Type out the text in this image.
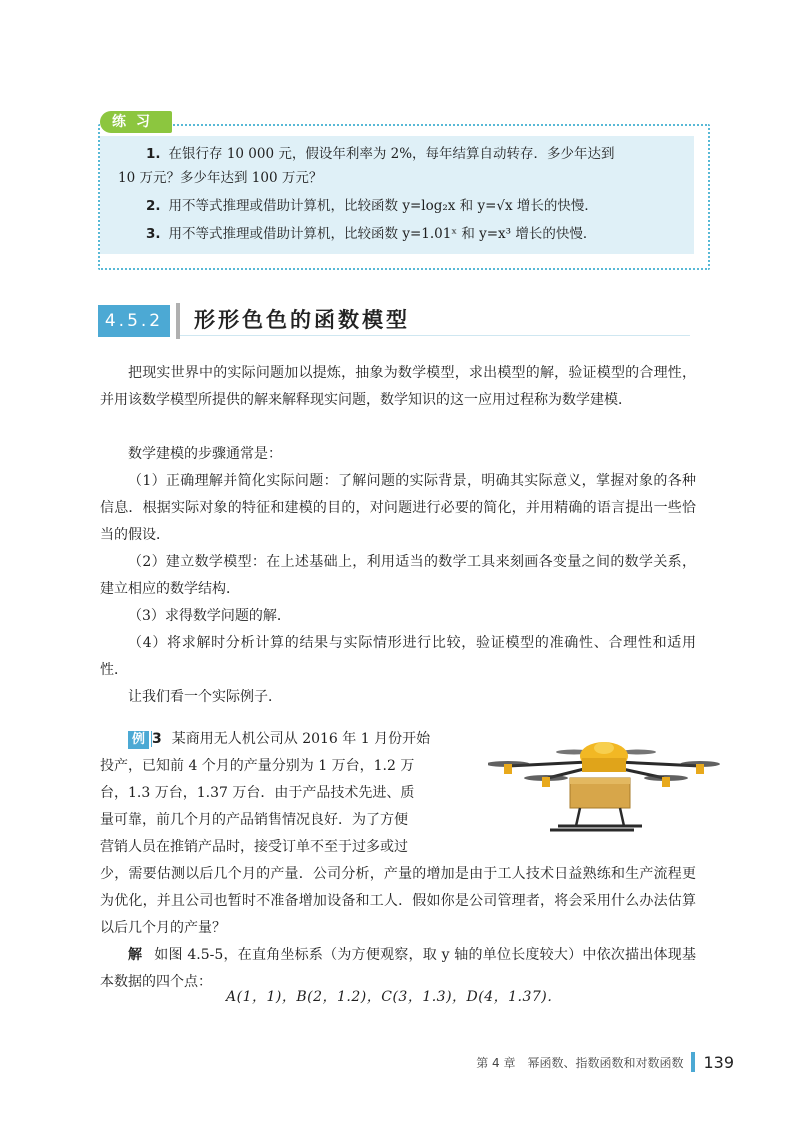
练习
1. 在银行存 10 000 元，假设年利率为 2%，每年结算自动转存．多少年达到
10 万元？多少年达到 100 万元？
2. 用不等式推理或借助计算机，比较函数 y=log₂x 和 y=√x 增长的快慢．
3. 用不等式推理或借助计算机，比较函数 y=1.01ˣ 和 y=x³ 增长的快慢．
4.5.2	形形色色的函数模型
把现实世界中的实际问题加以提炼，抽象为数学模型，求出模型的解，验证模型的合理性，并用该数学模型所提供的解来解释现实问题，数学知识的这一应用过程称为数学建模．
数学建模的步骤通常是：
（1）正确理解并简化实际问题：了解问题的实际背景，明确其实际意义，掌握对象的各种信息．根据实际对象的特征和建模的目的，对问题进行必要的简化，并用精确的语言提出一些恰当的假设．
（2）建立数学模型：在上述基础上，利用适当的数学工具来刻画各变量之间的数学关系，建立相应的数学结构．
（3）求得数学问题的解．
（4）将求解时分析计算的结果与实际情形进行比较，验证模型的准确性、合理性和适用性．
让我们看一个实际例子．
例 3 某商用无人机公司从 2016 年 1 月份开始
投产，已知前 4 个月的产量分别为 1 万台，1.2 万
台，1.3 万台，1.37 万台．由于产品技术先进、质
量可靠，前几个月的产品销售情况良好．为了方便
营销人员在推销产品时，接受订单不至于过多或过
少，需要估测以后几个月的产量．公司分析，产量的增加是由于工人技术日益熟练和生产流程更为优化，并且公司也暂时不准备增加设备和工人．假如你是公司管理者，将会采用什么办法估算以后几个月的产量？
解 如图 4.5-5，在直角坐标系（为方便观察，取 y 轴的单位长度较大）中依次描出体现基本数据的四个点：
A(1，1)，B(2，1.2)，C(3，1.3)，D(4，1.37)．
第 4 章　幂函数、指数函数和对数函数 139
